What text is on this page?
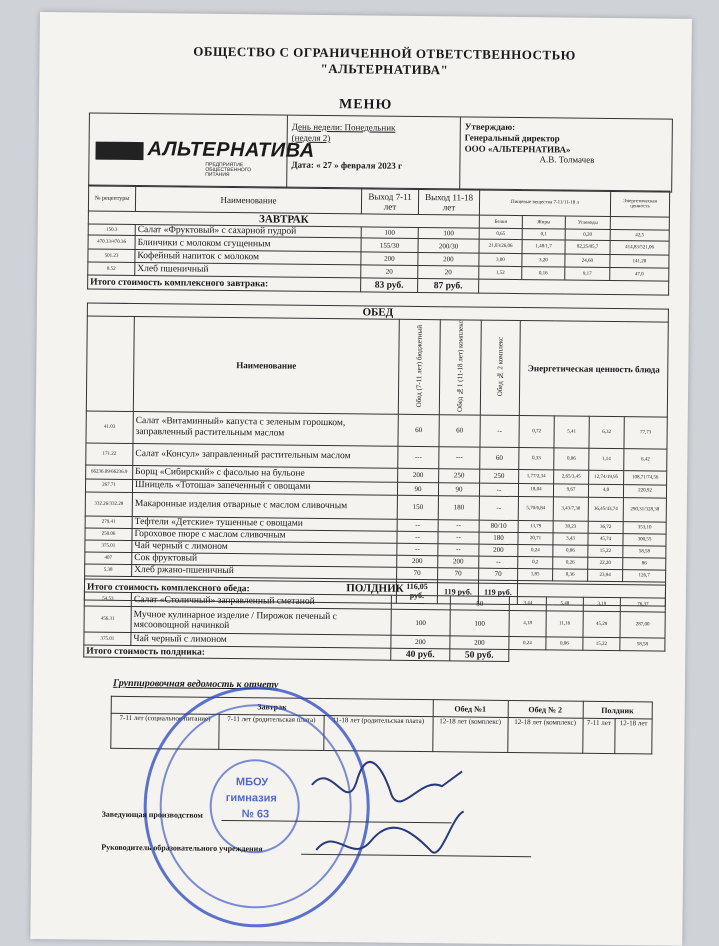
ОБЩЕСТВО С ОГРАНИЧЕННОЙ ОТВЕТСТВЕННОСТЬЮ
"АЛЬТЕРНАТИВА"
МЕНЮ
АЛЬТЕРНАТИВА
ПРЕДПРИЯТИЕ ОБЩЕСТВЕННОГО ПИТАНИЯ
День недели: Понедельник
(неделя 2)
Дата: « 27 » февраля 2023 г
Утверждаю:
Генеральный директор
ООО «АЛЬТЕРНАТИВА»
А.В. Толмачев
№ рецептуры	Наименование	Выход 7-11 лет	Выход 11-18 лет	Пищевые вещества 7-11/11-18 л			Энергетическая ценность
ЗАВТРАК				Белки	Жиры	Углеводы	
150.3	Салат «Фруктовый» с сахарной пудрой	100	100	0,65	0,1	0,20	42,5
470.33/470.36	Блинчики с молоком сгущенным	155/30	200/30	21,03/26,06	1,48/1,7	82,25/85,7	414,83/521,06
501.23	Кофейный напиток с молоком	200	200	3,00	3,20	24,60	141,28
8.52	Хлеб пшеничный	20	20	1,52	0,16	9,17	47,0
Итого стоимость комплексного завтрака:		83 руб.	87 руб.				
ОБЕД								
	Наименование	Обед (7-11 лет) бюджетный	Обед №1 (11-18 лет) комплекс	Обед № 2 комплекс	Энергетическая ценность блюда			
41.03	Салат «Витаминный» капуста с зеленым горошком, заправленный растительным маслом	60	60	--	0,72	5,41	6,32	77,73
171.22	Салат «Консул» заправленный растительным маслом	---	---	60	0,33	0,06	1,14	6,42
66236.09/66236.9	Борщ «Сибирский» с фасолью на бульоне	200	250	250	1,77/2,34	2,65/3,45	12,74/19,95	108,71/74,56
267.71	Шницель «Тотоша» запеченный с овощами	90	90	--	18,04	9,67	4,0	220,92
332.26/332.28	Макаронные изделия отварные с маслом сливочным	150	180	--	5,70/6,84	3,43/7,30	36,45/43,74	290,31/328,38
279.41	Тефтели «Детские» тушенные с овощами	--	--	80/10	13,79	39,23	36,72	353,10
250.06	Гороховое пюре с маслом сливочным	--	--	180	20,71	3,43	45,74	300,55
375.01	Чай черный с лимоном	--	--	200	0,24	0,06	15,22	58,58
407	Сок фруктовый	200	200	--	0,2	0,26	22,20	86
5.38	Хлеб ржано-пшеничный	70	70	70	1,85	0,36	23,94	126,7
Итого стоимость комплексного обеда:		116,05 руб.	119 руб.	119 руб.				
ПОЛДНИК							
54.53	Салат «Столичный» заправленный сметаной	---	50	3,44	5,48	3,19	76,37
456.31	Мучное кулинарное изделие / Пирожок печеный с мясоовощной начинкой	100	100	4,18	11,16	45,29	287,00
375.01	Чай черный с лимоном	200	200	0,24	0,06	15,22	58,58
Итого стоимость полдника:		40 руб.	50 руб.				
Группировочная ведомость к отчету
Завтрак			Обед №1	Обед № 2	Полдник	
7-11 лет (социальное питание)	7-11 лет (родительская плата)	11-18 лет (родительская плата)	12-18 лет (комплекс)	12-18 лет (комплекс)	7-11 лет	12-18 лет
МБОУ
гимназия
№ 63
Заведующая производством
Руководитель образовательного учреждения
